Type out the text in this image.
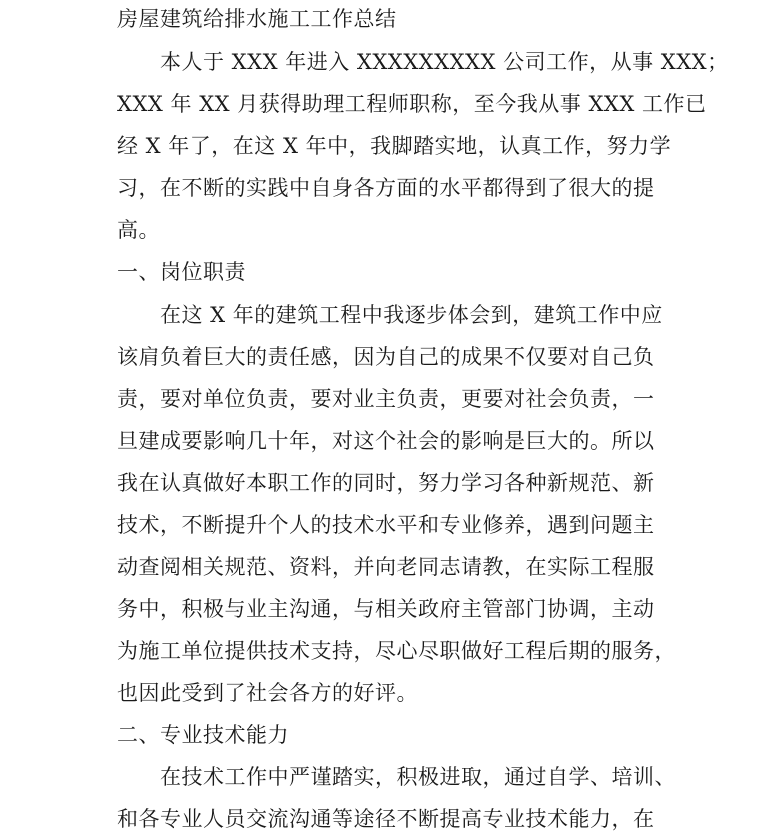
房屋建筑给排水施工工作总结
本人于 XXX 年进入 XXXXXXXXX 公司工作，从事 XXX；
XXX 年 XX 月获得助理工程师职称，至今我从事 XXX 工作已
经 X 年了，在这 X 年中，我脚踏实地，认真工作，努力学
习，在不断的实践中自身各方面的水平都得到了很大的提
高。
一、岗位职责
在这 X 年的建筑工程中我逐步体会到，建筑工作中应
该肩负着巨大的责任感，因为自己的成果不仅要对自己负
责，要对单位负责，要对业主负责，更要对社会负责，一
旦建成要影响几十年，对这个社会的影响是巨大的。所以
我在认真做好本职工作的同时，努力学习各种新规范、新
技术，不断提升个人的技术水平和专业修养，遇到问题主
动查阅相关规范、资料，并向老同志请教，在实际工程服
务中，积极与业主沟通，与相关政府主管部门协调，主动
为施工单位提供技术支持，尽心尽职做好工程后期的服务，
也因此受到了社会各方的好评。
二、专业技术能力
在技术工作中严谨踏实，积极进取，通过自学、培训、
和各专业人员交流沟通等途径不断提高专业技术能力，在
